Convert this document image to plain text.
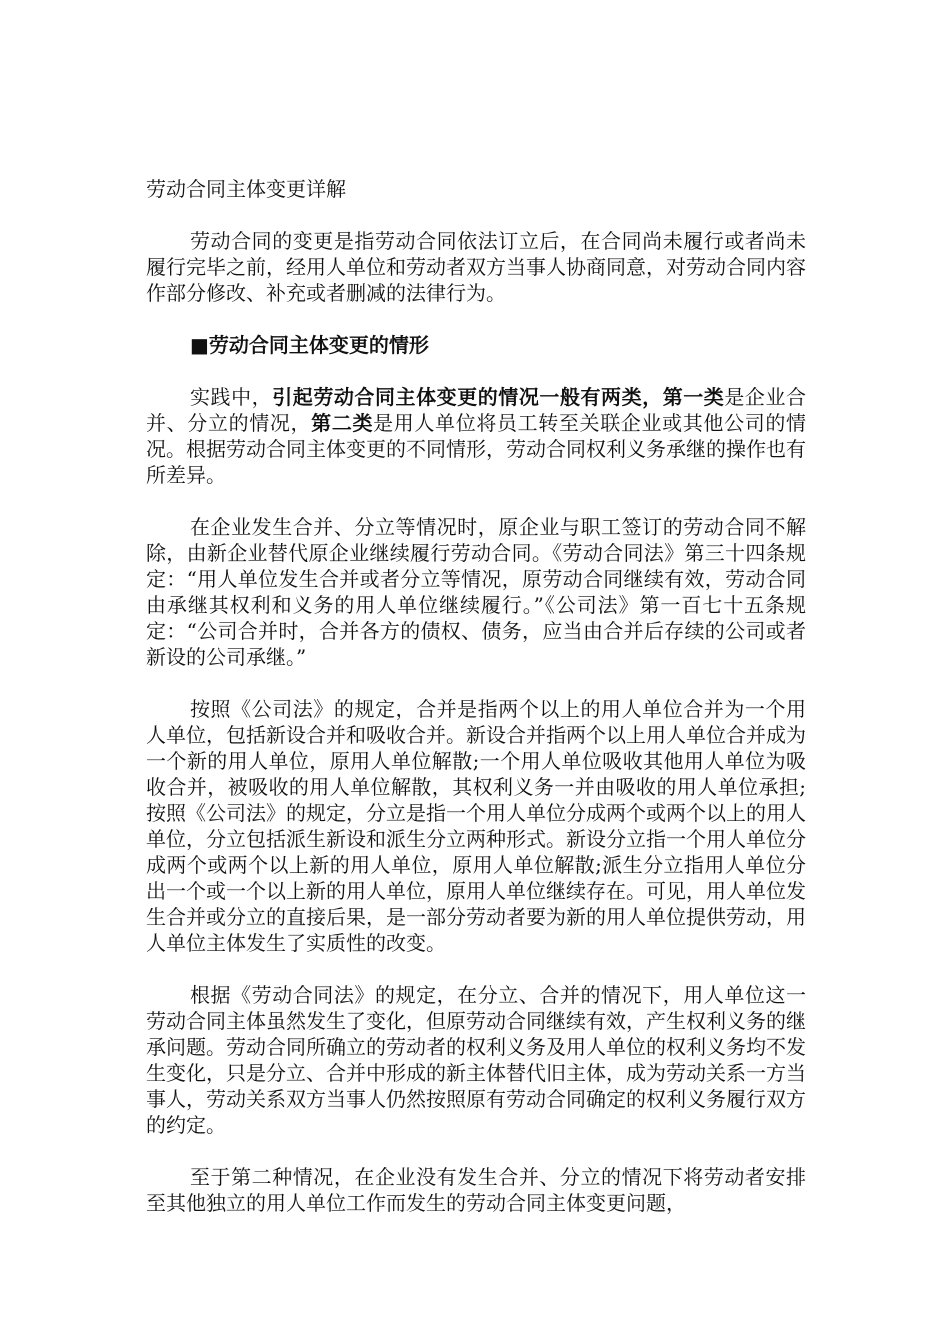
劳动合同主体变更详解

劳动合同的变更是指劳动合同依法订立后，在合同尚未履行或者尚未履行完毕之前，经用人单位和劳动者双方当事人协商同意，对劳动合同内容作部分修改、补充或者删减的法律行为。

■劳动合同主体变更的情形

实践中，引起劳动合同主体变更的情况一般有两类，第一类是企业合并、分立的情况，第二类是用人单位将员工转至关联企业或其他公司的情况。根据劳动合同主体变更的不同情形，劳动合同权利义务承继的操作也有所差异。

在企业发生合并、分立等情况时，原企业与职工签订的劳动合同不解除，由新企业替代原企业继续履行劳动合同。《劳动合同法》第三十四条规定：“用人单位发生合并或者分立等情况，原劳动合同继续有效，劳动合同由承继其权利和义务的用人单位继续履行。”《公司法》第一百七十五条规定：“公司合并时，合并各方的债权、债务，应当由合并后存续的公司或者新设的公司承继。”

按照《公司法》的规定，合并是指两个以上的用人单位合并为一个用人单位，包括新设合并和吸收合并。新设合并指两个以上用人单位合并成为一个新的用人单位，原用人单位解散;一个用人单位吸收其他用人单位为吸收合并，被吸收的用人单位解散，其权利义务一并由吸收的用人单位承担;按照《公司法》的规定，分立是指一个用人单位分成两个或两个以上的用人单位，分立包括派生新设和派生分立两种形式。新设分立指一个用人单位分成两个或两个以上新的用人单位，原用人单位解散;派生分立指用人单位分出一个或一个以上新的用人单位，原用人单位继续存在。可见，用人单位发生合并或分立的直接后果，是一部分劳动者要为新的用人单位提供劳动，用人单位主体发生了实质性的改变。

根据《劳动合同法》的规定，在分立、合并的情况下，用人单位这一劳动合同主体虽然发生了变化，但原劳动合同继续有效，产生权利义务的继承问题。劳动合同所确立的劳动者的权利义务及用人单位的权利义务均不发生变化，只是分立、合并中形成的新主体替代旧主体，成为劳动关系一方当事人，劳动关系双方当事人仍然按照原有劳动合同确定的权利义务履行双方的约定。

至于第二种情况，在企业没有发生合并、分立的情况下将劳动者安排至其他独立的用人单位工作而发生的劳动合同主体变更问题，
